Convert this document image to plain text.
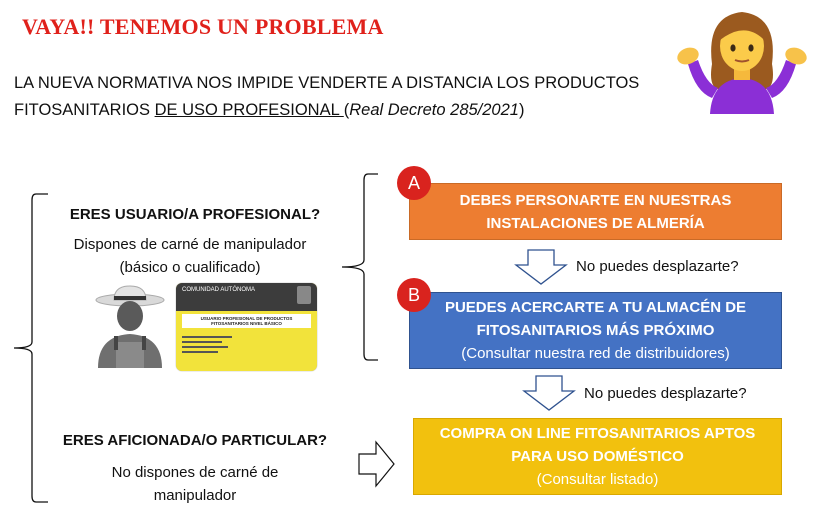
VAYA!! TENEMOS UN PROBLEMA
LA NUEVA NORMATIVA NOS IMPIDE VENDERTE A DISTANCIA LOS PRODUCTOS FITOSANITARIOS DE USO PROFESIONAL (Real Decreto 285/2021)
ERES USUARIO/A PROFESIONAL?
Dispones de carné de manipulador
(básico o cualificado)
COMUNIDAD AUTÓNOMA
USUARIO PROFESIONAL DE PRODUCTOS FITOSANITARIOS NIVEL BÁSICO
DEBES PERSONARTE EN NUESTRAS
INSTALACIONES DE ALMERÍA
A
No puedes desplazarte?
PUEDES ACERCARTE A TU ALMACÉN DE
FITOSANITARIOS MÁS PRÓXIMO
(Consultar nuestra red de distribuidores)
B
No puedes desplazarte?
ERES AFICIONADA/O PARTICULAR?
No dispones de carné de
manipulador
COMPRA ON LINE FITOSANITARIOS APTOS
PARA USO DOMÉSTICO
(Consultar listado)
